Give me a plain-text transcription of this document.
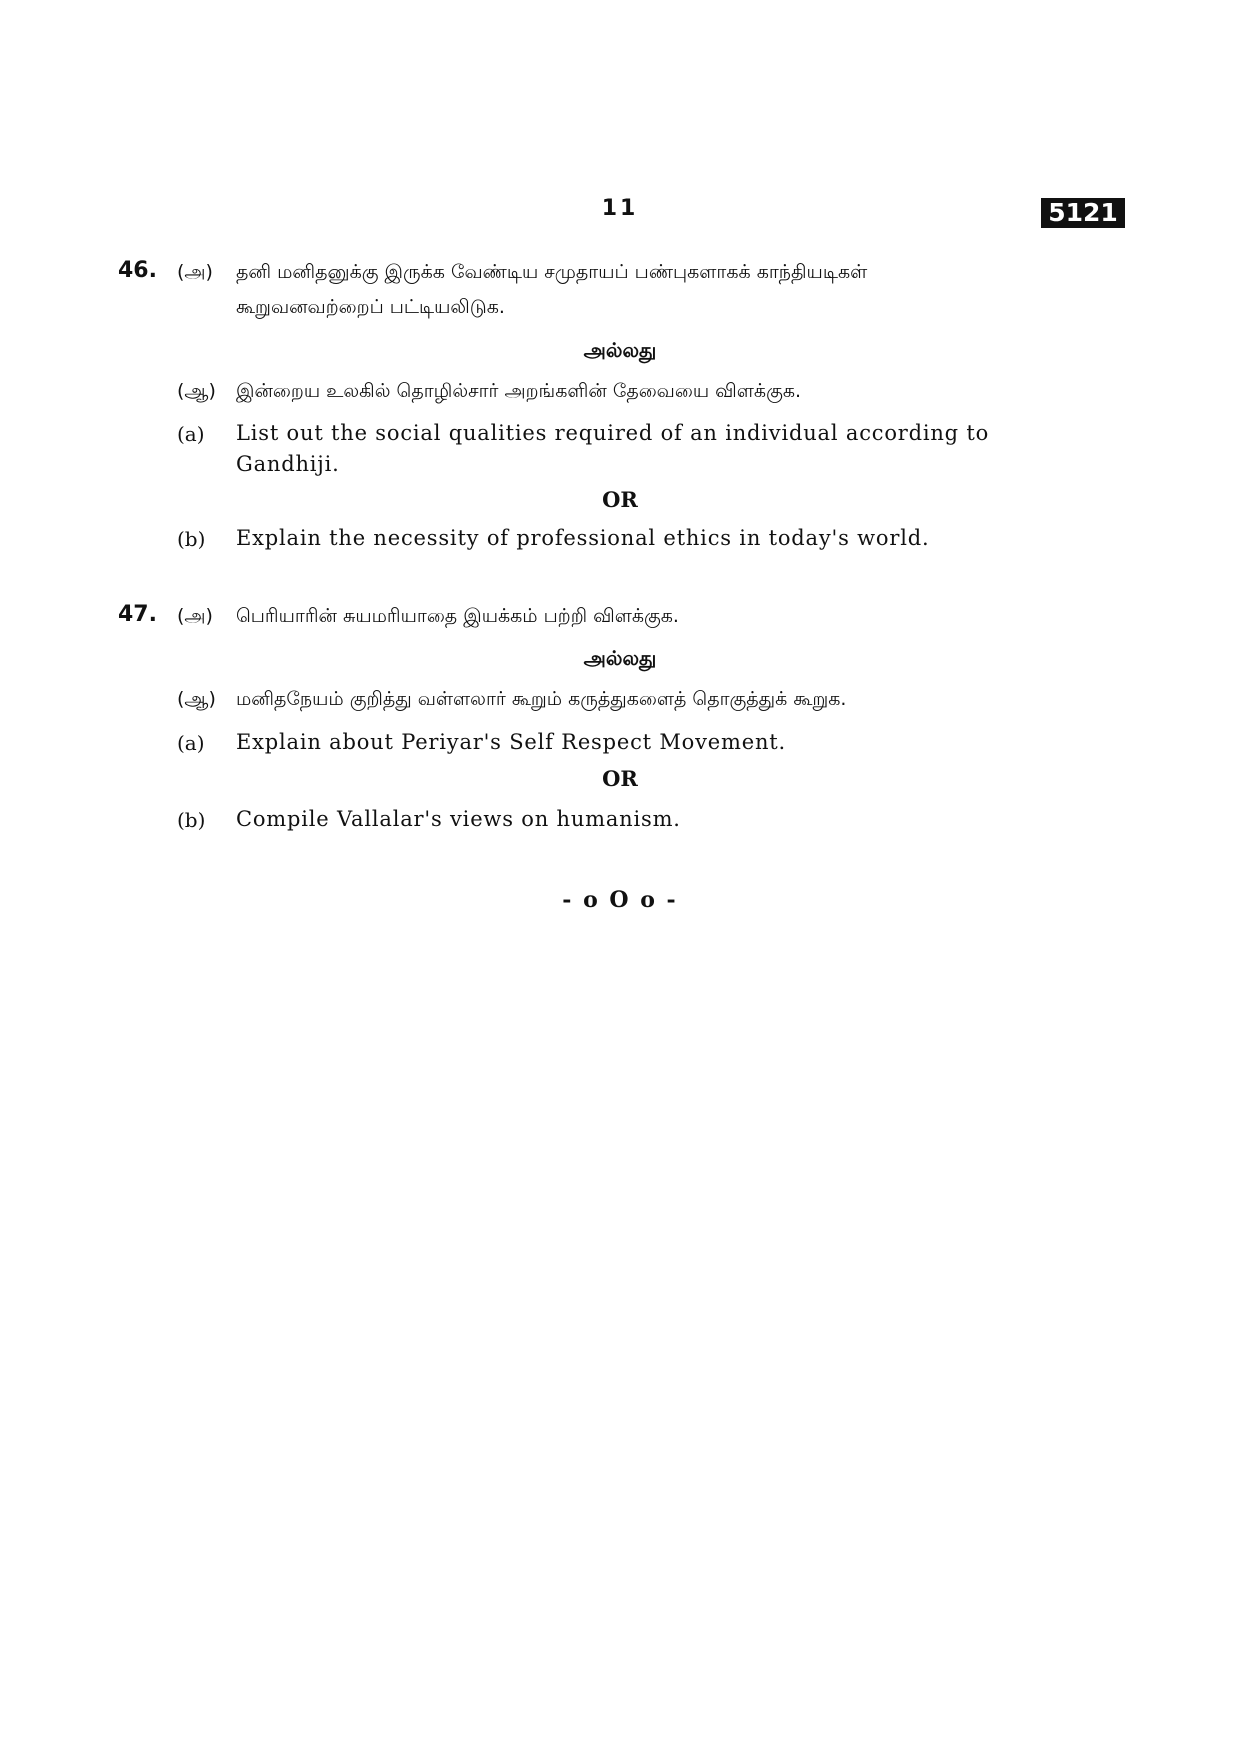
11	5121
46. (அ) தனி மனிதனுக்கு இருக்க வேண்டிய சமுதாயப் பண்புகளாகக் காந்தியடிகள்
கூறுவனவற்றைப் பட்டியலிடுக.
அல்லது
(ஆ) இன்றைய உலகில் தொழில்சார் அறங்களின் தேவையை விளக்குக.
(a) List out the social qualities required of an individual according to
Gandhiji.
OR
(b) Explain the necessity of professional ethics in today's world.
47. (அ) பெரியாரின் சுயமரியாதை இயக்கம் பற்றி விளக்குக.
அல்லது
(ஆ) மனிதநேயம் குறித்து வள்ளலார் கூறும் கருத்துகளைத் தொகுத்துக் கூறுக.
(a) Explain about Periyar's Self Respect Movement.
OR
(b) Compile Vallalar's views on humanism.
- o O o -
